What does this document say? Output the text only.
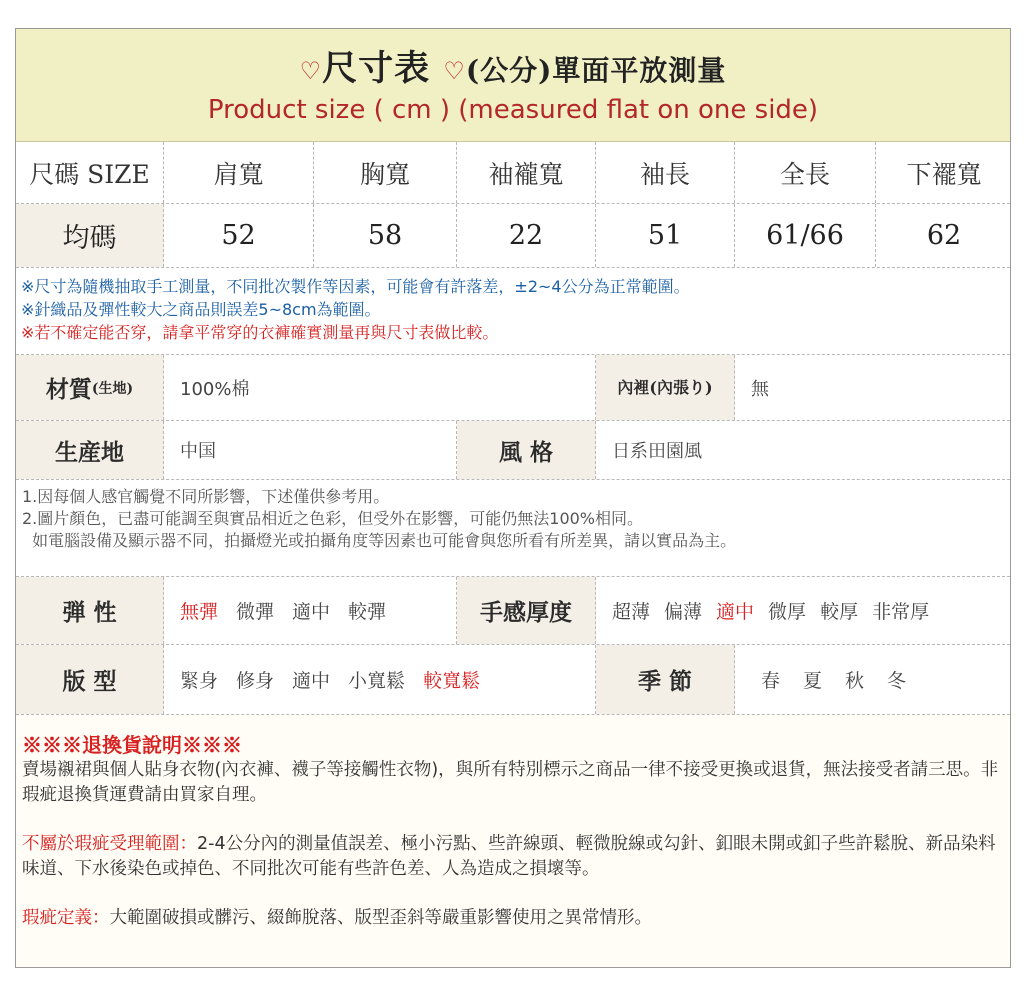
♡尺寸表 ♡(公分)單面平放測量
Product size ( cm ) (measured flat on one side)
尺碼 SIZE	肩寬	胸寬	袖襱寬	袖長	全長	下襬寬
均碼	52	58	22	51	61/66	62
※尺寸為隨機抽取手工測量，不同批次製作等因素，可能會有許落差，±2~4公分為正常範圍。
※針織品及彈性較大之商品則誤差5~8cm為範圍。
※若不確定能否穿，請拿平常穿的衣褲確實測量再與尺寸表做比較。
材質 (生地)	100%棉	內裡(內張り)	無
生産地	中国	風 格	日系田園風
1.因每個人感官觸覺不同所影響，下述僅供參考用。
2.圖片顏色，已盡可能調至與實品相近之色彩，但受外在影響，可能仍無法100%相同。
如電腦設備及顯示器不同，拍攝燈光或拍攝角度等因素也可能會與您所看有所差異，請以實品為主。
弾 性	無彈 微彈 適中 較彈	手感厚度	超薄 偏薄 適中 微厚 較厚 非常厚
版 型	緊身 修身 適中 小寬鬆 較寬鬆	季 節	春 夏 秋 冬
※※※退換貨說明※※※
賣場襯裙與個人貼身衣物(內衣褲、襪子等接觸性衣物)，與所有特別標示之商品一律不接受更換或退貨，無法接受者請三思。非瑕疵退換貨運費請由買家自理。
不屬於瑕疵受理範圍：2-4公分內的測量值誤差、極小污點、些許線頭、輕微脫線或勾針、釦眼未開或釦子些許鬆脫、新品染料味道、下水後染色或掉色、不同批次可能有些許色差、人為造成之損壞等。
瑕疵定義：大範圍破損或髒污、綴飾脫落、版型歪斜等嚴重影響使用之異常情形。
